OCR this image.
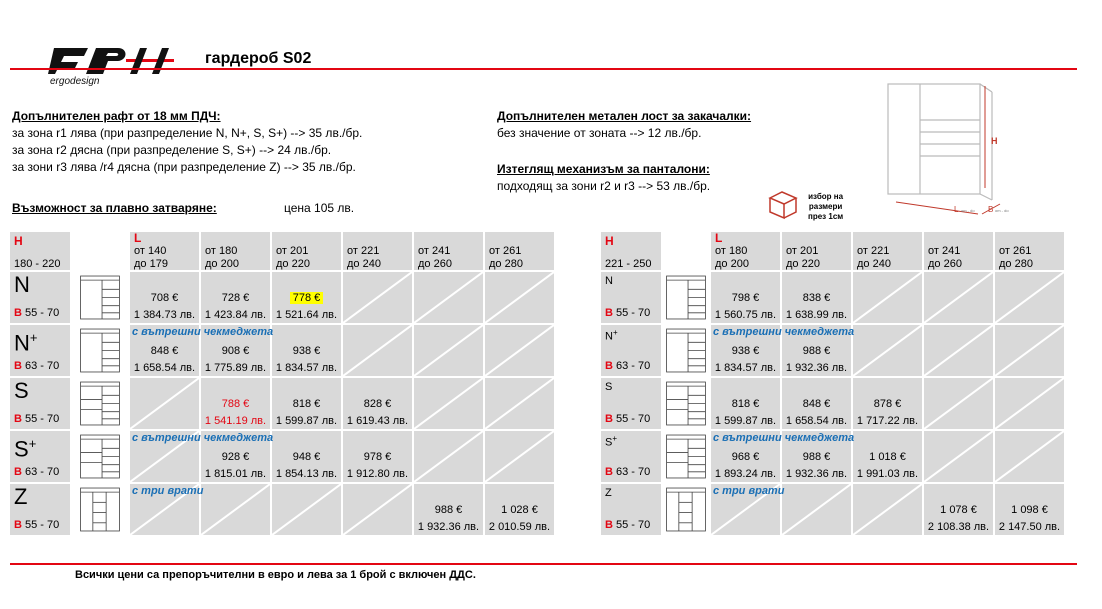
ergodesign
гардероб S02
Допълнителен рафт от 18 мм ПДЧ:
за зона r1 лява (при разпределение N, N+, S, S+) --> 35 лв./бр.
за зона r2 дясна (при разпределение S, S+) --> 24 лв./бр.
за зони r3 лява /r4 дясна (при разпределение Z) --> 35 лв./бр.
Възможност за плавно затваряне:	цена 105 лв.
Допълнителен метален лост за закачалки:
без значение от зоната --> 12 лв./бр.
Изтеглящ механизъм за панталони:
подходящ за зони r2 и r3 --> 53 лв./бр.
избор на
размери
през 1см
H
L om - do B om - do
H
180 - 220
L
от 140
до 179
от 180
до 200
от 201
до 220
от 221
до 240
от 241
до 260
от 261
до 280
N
B 55 - 70
708 €
1 384.73 лв.
728 €
1 423.84 лв.
778 €
1 521.64 лв.
N+
B 63 - 70
848 €
1 658.54 лв.
908 €
1 775.89 лв.
938 €
1 834.57 лв.
с вътрешни чекмеджета
S
B 55 - 70
788 €
1 541.19 лв.
818 €
1 599.87 лв.
828 €
1 619.43 лв.
S+
B 63 - 70
928 €
1 815.01 лв.
948 €
1 854.13 лв.
978 €
1 912.80 лв.
с вътрешни чекмеджета
Z
B 55 - 70
988 €
1 932.36 лв.
1 028 €
2 010.59 лв.
с три врати
H
221 - 250
L
от 180
до 200
от 201
до 220
от 221
до 240
от 241
до 260
от 261
до 280
N
B 55 - 70
798 €
1 560.75 лв.
838 €
1 638.99 лв.
N+
B 63 - 70
938 €
1 834.57 лв.
988 €
1 932.36 лв.
с вътрешни чекмеджета
S
B 55 - 70
818 €
1 599.87 лв.
848 €
1 658.54 лв.
878 €
1 717.22 лв.
S+
B 63 - 70
968 €
1 893.24 лв.
988 €
1 932.36 лв.
1 018 €
1 991.03 лв.
с вътрешни чекмеджета
Z
B 55 - 70
1 078 €
2 108.38 лв.
1 098 €
2 147.50 лв.
с три врати
Всички цени са препоръчителни в евро и лева за 1 брой с включен ДДС.
